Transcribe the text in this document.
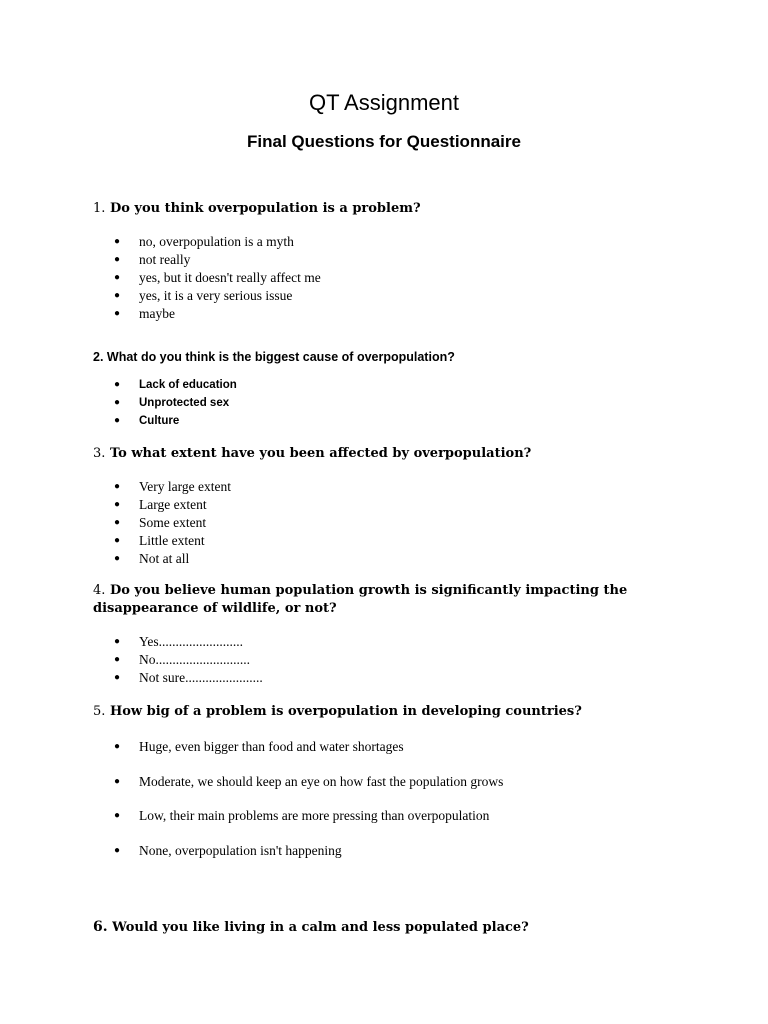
QT Assignment
Final Questions for Questionnaire

1. Do you think overpopulation is a problem?

● no, overpopulation is a myth
● not really
● yes, but it doesn't really affect me
● yes, it is a very serious issue
● maybe

2. What do you think is the biggest cause of overpopulation?

● Lack of education
● Unprotected sex
● Culture

3. To what extent have you been affected by overpopulation?

● Very large extent
● Large extent
● Some extent
● Little extent
● Not at all

4. Do you believe human population growth is significantly impacting the disappearance of wildlife, or not?

● Yes.........................
● No............................
● Not sure.......................

5. How big of a problem is overpopulation in developing countries?

● Huge, even bigger than food and water shortages
● Moderate, we should keep an eye on how fast the population grows
● Low, their main problems are more pressing than overpopulation
● None, overpopulation isn't happening

6. Would you like living in a calm and less populated place?
